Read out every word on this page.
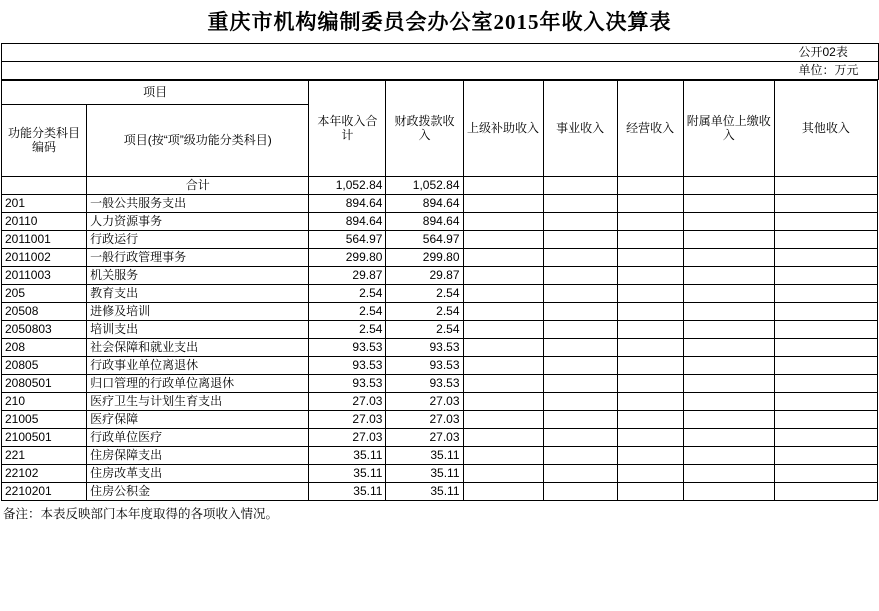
重庆市机构编制委员会办公室2015年收入决算表
	公开02表
	单位：万元
项目		本年收入合计	财政拨款收入	上级补助收入	事业收入	经营收入	附属单位上缴收入	其他收入
功能分类科目编码	项目(按“项”级功能分类科目)							
	合计	1,052.84	1,052.84					
201	一般公共服务支出	894.64	894.64					
20110	人力资源事务	894.64	894.64					
2011001	行政运行	564.97	564.97					
2011002	一般行政管理事务	299.80	299.80					
2011003	机关服务	29.87	29.87					
205	教育支出	2.54	2.54					
20508	进修及培训	2.54	2.54					
2050803	培训支出	2.54	2.54					
208	社会保障和就业支出	93.53	93.53					
20805	行政事业单位离退休	93.53	93.53					
2080501	归口管理的行政单位离退休	93.53	93.53					
210	医疗卫生与计划生育支出	27.03	27.03					
21005	医疗保障	27.03	27.03					
2100501	行政单位医疗	27.03	27.03					
221	住房保障支出	35.11	35.11					
22102	住房改革支出	35.11	35.11					
2210201	住房公积金	35.11	35.11					
备注：本表反映部门本年度取得的各项收入情况。
